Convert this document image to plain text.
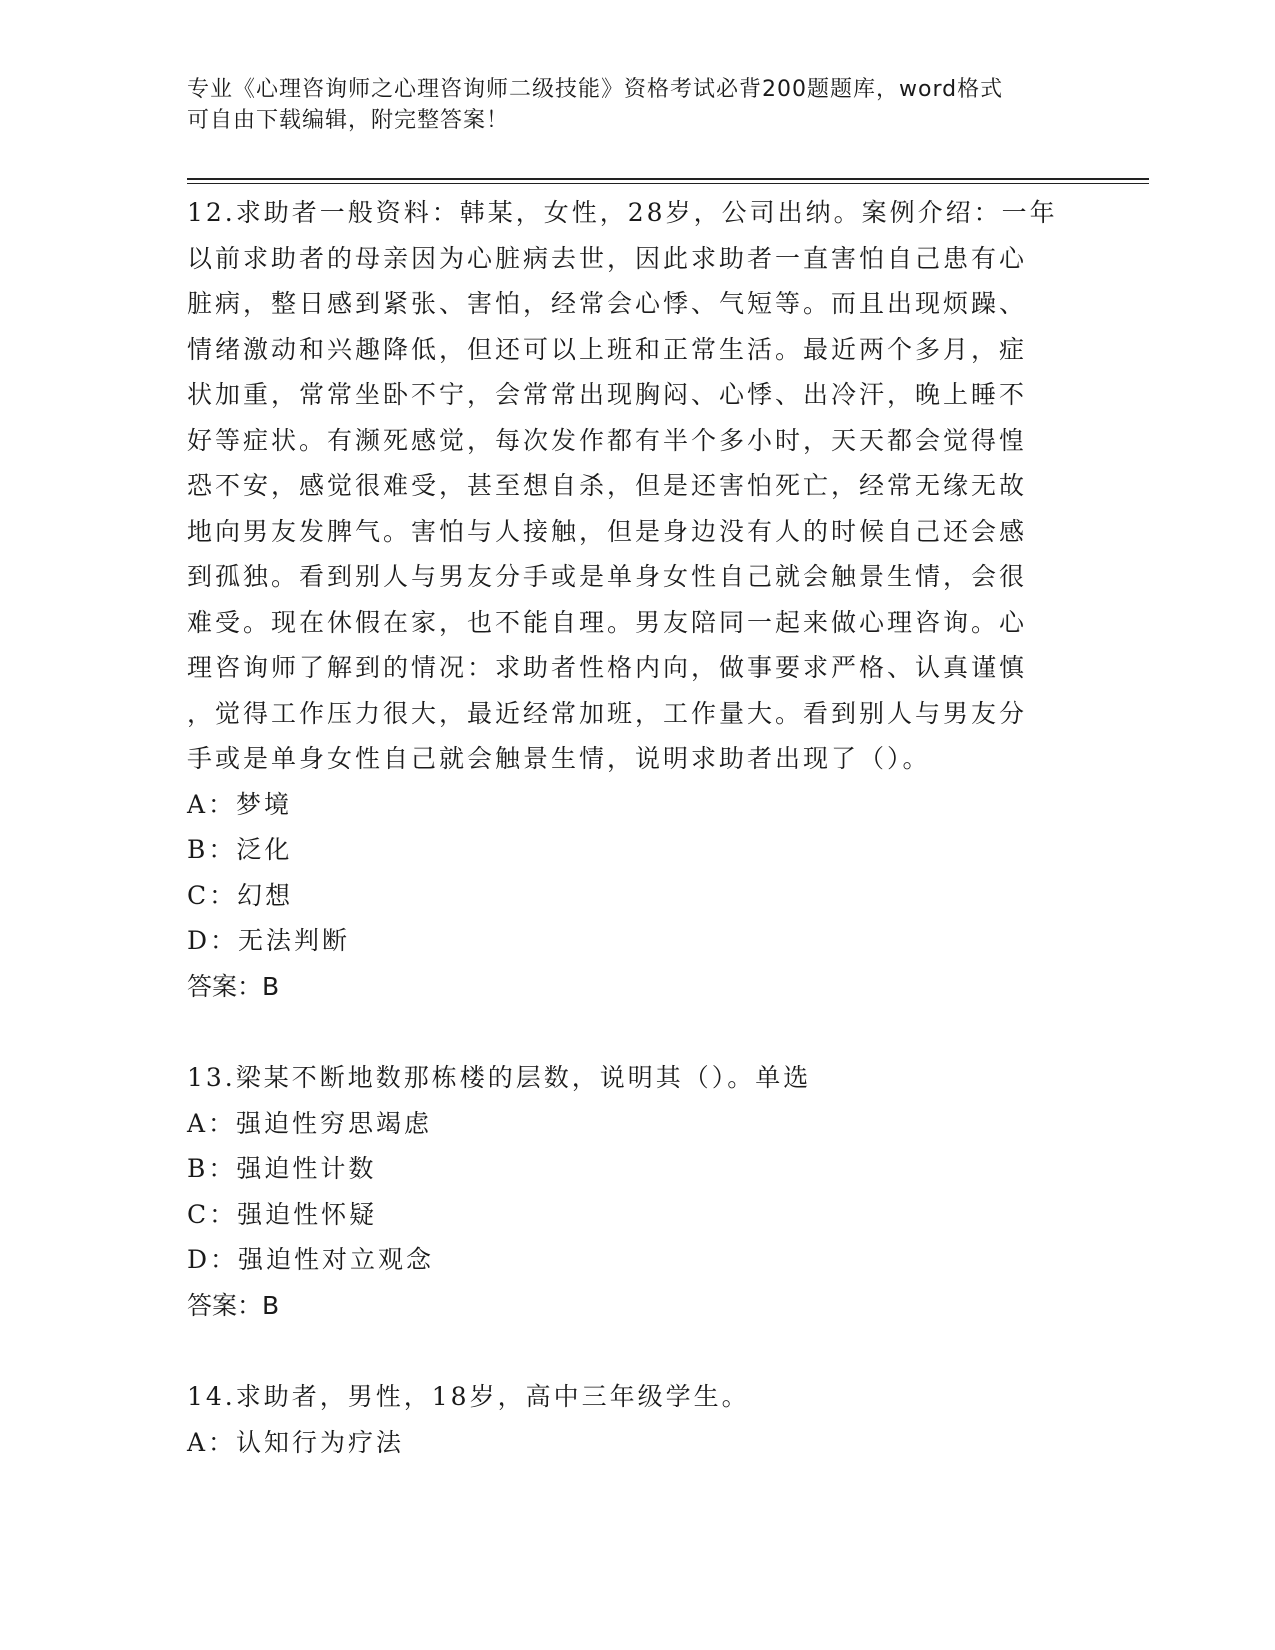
专业《心理咨询师之心理咨询师二级技能》资格考试必背200题题库，word格式
可自由下载编辑，附完整答案！

12.求助者一般资料：韩某，女性，28岁，公司出纳。案例介绍：一年
以前求助者的母亲因为心脏病去世，因此求助者一直害怕自己患有心
脏病，整日感到紧张、害怕，经常会心悸、气短等。而且出现烦躁、
情绪激动和兴趣降低，但还可以上班和正常生活。最近两个多月，症
状加重，常常坐卧不宁，会常常出现胸闷、心悸、出冷汗，晚上睡不
好等症状。有濒死感觉，每次发作都有半个多小时，天天都会觉得惶
恐不安，感觉很难受，甚至想自杀，但是还害怕死亡，经常无缘无故
地向男友发脾气。害怕与人接触，但是身边没有人的时候自己还会感
到孤独。看到别人与男友分手或是单身女性自己就会触景生情，会很
难受。现在休假在家，也不能自理。男友陪同一起来做心理咨询。心
理咨询师了解到的情况：求助者性格内向，做事要求严格、认真谨慎
，觉得工作压力很大，最近经常加班，工作量大。看到别人与男友分
手或是单身女性自己就会触景生情，说明求助者出现了（）。

A：梦境

B：泛化

C：幻想

D：无法判断

答案：B

13.梁某不断地数那栋楼的层数，说明其（）。单选

A：强迫性穷思竭虑

B：强迫性计数

C：强迫性怀疑

D：强迫性对立观念

答案：B

14.求助者，男性，18岁，高中三年级学生。

A：认知行为疗法
